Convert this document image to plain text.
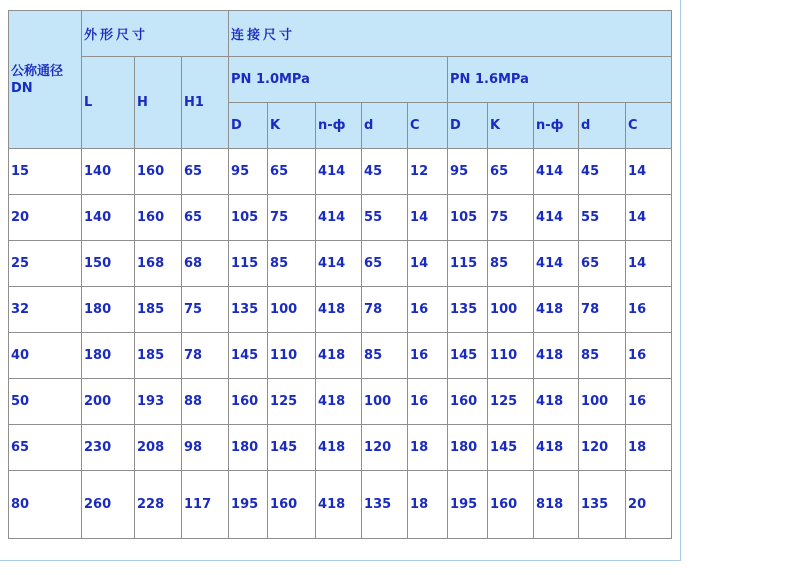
公称通径
DN	外形尺寸			连接尺寸									
	L	H	H1	PN 1.0MPa					PN 1.6MPa				
				D	K	n-ф	d	C	D	K	n-ф	d	C
15	140	160	65	95	65	414	45	12	95	65	414	45	14
20	140	160	65	105	75	414	55	14	105	75	414	55	14
25	150	168	68	115	85	414	65	14	115	85	414	65	14
32	180	185	75	135	100	418	78	16	135	100	418	78	16
40	180	185	78	145	110	418	85	16	145	110	418	85	16
50	200	193	88	160	125	418	100	16	160	125	418	100	16
65	230	208	98	180	145	418	120	18	180	145	418	120	18
80	260	228	117	195	160	418	135	18	195	160	818	135	20
